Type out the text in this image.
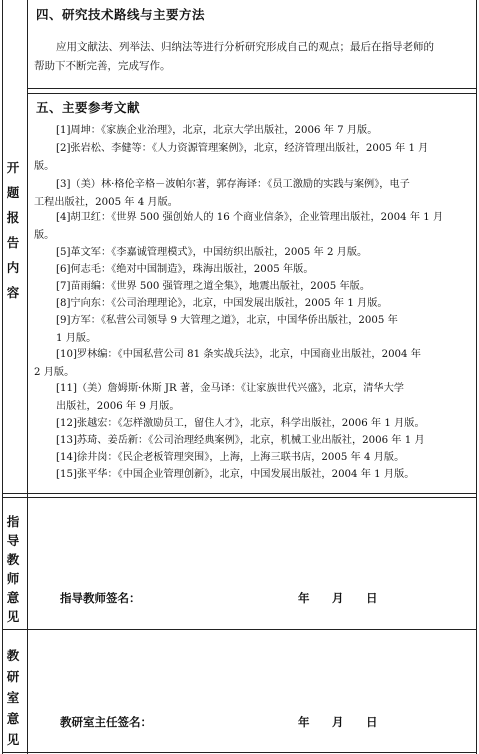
四、研究技术路线与主要方法
应用文献法、列举法、归纳法等进行分析研究形成自己的观点；最后在指导老师的
帮助下不断完善，完成写作。
五、主要参考文献
[1]周坤：《家族企业治理》，北京，北京大学出版社，2006 年 7 月版。
[2]张岩松、李健等：《人力资源管理案例》，北京，经济管理出版社，2005 年 1 月
版。
[3]（美）林·格伦辛格－波帕尔著，郭存海译：《员工激励的实践与案例》，电子
工程出版社，2005 年 4 月版。
[4]胡卫红：《世界 500 强创始人的 16 个商业信条》，企业管理出版社，2004 年 1 月
版。
[5]革文军：《李嘉诚管理模式》，中国纺织出版社，2005 年 2 月版。
[6]何志毛：《绝对中国制造》，珠海出版社，2005 年版。
[7]苗雨编：《世界 500 强管理之道全集》，地震出版社，2005 年版。
[8]宁向东：《公司治理理论》，北京，中国发展出版社，2005 年 1 月版。
[9]方军：《私营公司领导 9 大管理之道》，北京，中国华侨出版社，2005 年
1 月版。
[10]罗林编：《中国私营公司 81 条实战兵法》，北京，中国商业出版社，2004 年
2 月版。
[11]（美）詹姆斯·休斯 JR 著，金马译：《让家族世代兴盛》，北京，清华大学
出版社，2006 年 9 月版。
[12]张越宏：《怎样激励员工，留住人才》，北京，科学出版社，2006 年 1 月版。
[13]苏琦、姜岳新：《公司治理经典案例》，北京，机械工业出版社，2006 年 1 月
[14]徐井岗：《民企老板管理突围》，上海，上海三联书店，2005 年 4 月版。
[15]张平华：《中国企业管理创新》，北京，中国发展出版社，2004 年 1 月版。
开
题
报
告
内
容
指
导
教
师
意
见
教
研
室
意
见
指导教师签名：	年 月 日
教研室主任签名：	年 月 日
